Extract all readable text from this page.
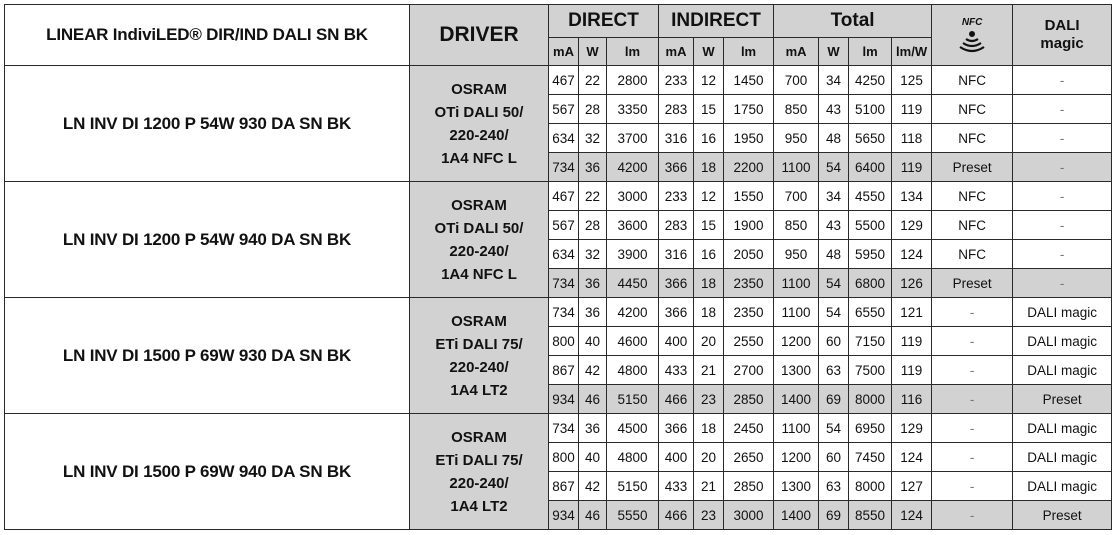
LINEAR IndiviLED® DIR/IND DALI SN BK	DRIVER	DIRECT			INDIRECT			Total				NFC	DALI
magic
		mA	W	lm	mA	W	lm	mA	W	lm	lm/W		
LN INV DI 1200 P 54W 930 DA SN BK	OSRAM
OTi DALI 50/
220-240/
1A4 NFC L	467	22	2800	233	12	1450	700	34	4250	125	NFC	-
		567	28	3350	283	15	1750	850	43	5100	119	NFC	-
		634	32	3700	316	16	1950	950	48	5650	118	NFC	-
		734	36	4200	366	18	2200	1100	54	6400	119	Preset	-
LN INV DI 1200 P 54W 940 DA SN BK	OSRAM
OTi DALI 50/
220-240/
1A4 NFC L	467	22	3000	233	12	1550	700	34	4550	134	NFC	-
		567	28	3600	283	15	1900	850	43	5500	129	NFC	-
		634	32	3900	316	16	2050	950	48	5950	124	NFC	-
		734	36	4450	366	18	2350	1100	54	6800	126	Preset	-
LN INV DI 1500 P 69W 930 DA SN BK	OSRAM
ETi DALI 75/
220-240/
1A4 LT2	734	36	4200	366	18	2350	1100	54	6550	121	-	DALI magic
		800	40	4600	400	20	2550	1200	60	7150	119	-	DALI magic
		867	42	4800	433	21	2700	1300	63	7500	119	-	DALI magic
		934	46	5150	466	23	2850	1400	69	8000	116	-	Preset
LN INV DI 1500 P 69W 940 DA SN BK	OSRAM
ETi DALI 75/
220-240/
1A4 LT2	734	36	4500	366	18	2450	1100	54	6950	129	-	DALI magic
		800	40	4800	400	20	2650	1200	60	7450	124	-	DALI magic
		867	42	5150	433	21	2850	1300	63	8000	127	-	DALI magic
		934	46	5550	466	23	3000	1400	69	8550	124	-	Preset
